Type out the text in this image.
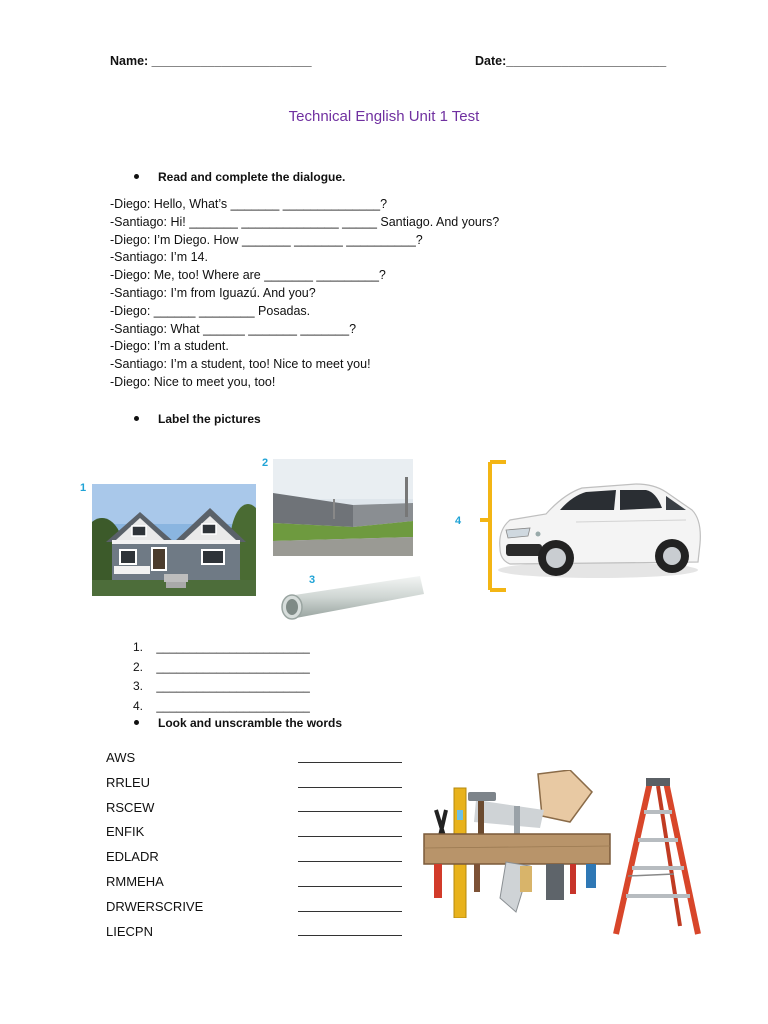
Name: _______________________	Date:_______________________
Technical English Unit 1 Test
Read and complete the dialogue.
-Diego: Hello, What’s _______ ______________?
-Santiago: Hi! _______ ______________ _____ Santiago. And yours?
-Diego: I’m Diego. How _______ _______ __________?
-Santiago: I’m 14.
-Diego: Me, too! Where are _______ _________?
-Santiago: I’m from Iguazú. And you?
-Diego: ______ ________ Posadas.
-Santiago: What ______ _______ _______?
-Diego: I’m a student.
-Santiago: I’m a student, too! Nice to meet you!
-Diego: Nice to meet you, too!
Label the pictures
1
2
3
4
1.    _______________________
2.    _______________________
3.    _______________________
4.    _______________________
Look and unscramble the words
AWS
RRLEU
RSCEW
ENFIK
EDLADR
RMMEHA
DRWERSCRIVE
LIECPN
